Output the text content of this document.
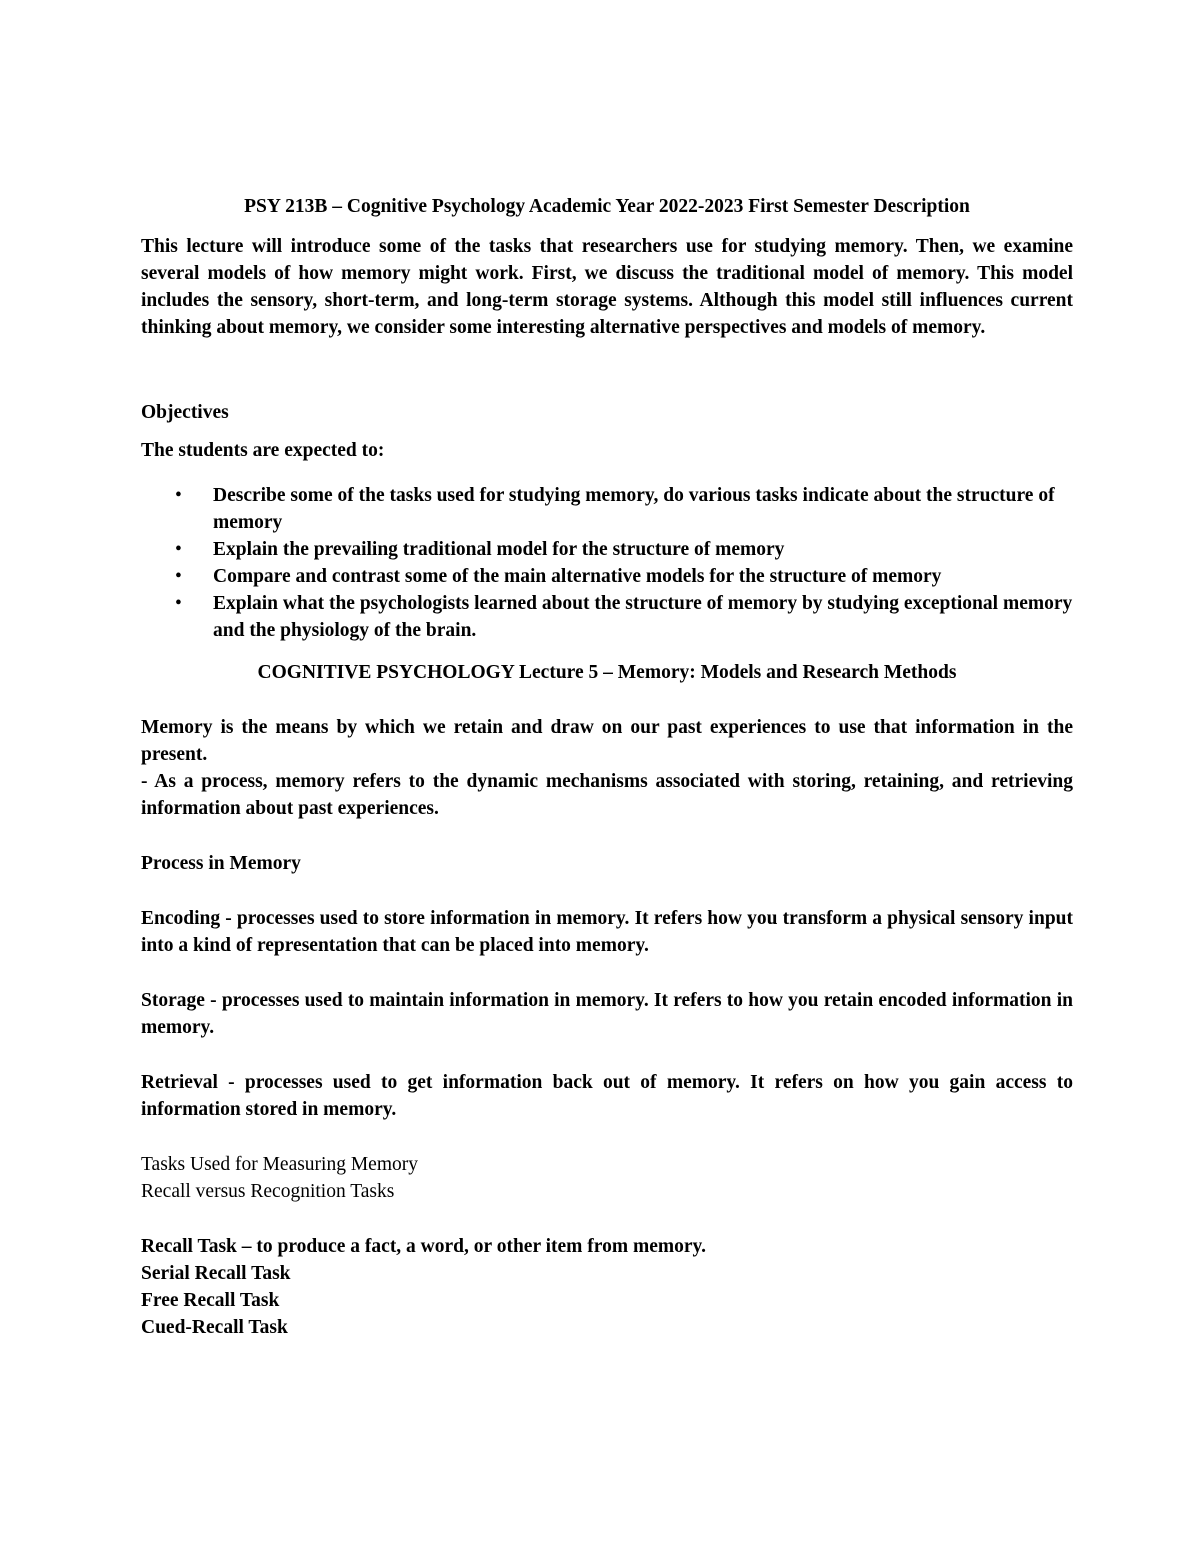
PSY 213B – Cognitive Psychology Academic Year 2022-2023 First Semester Description

This lecture will introduce some of the tasks that researchers use for studying memory. Then, we examine several models of how memory might work. First, we discuss the traditional model of memory. This model includes the sensory, short-term, and long-term storage systems. Although this model still influences current thinking about memory, we consider some interesting alternative perspectives and models of memory.

Objectives

The students are expected to:

• Describe some of the tasks used for studying memory, do various tasks indicate about the structure of memory
• Explain the prevailing traditional model for the structure of memory
• Compare and contrast some of the main alternative models for the structure of memory
• Explain what the psychologists learned about the structure of memory by studying exceptional memory and the physiology of the brain.

COGNITIVE PSYCHOLOGY Lecture 5 – Memory: Models and Research Methods

Memory is the means by which we retain and draw on our past experiences to use that information in the present.

- As a process, memory refers to the dynamic mechanisms associated with storing, retaining, and retrieving information about past experiences.

Process in Memory

Encoding - processes used to store information in memory. It refers how you transform a physical sensory input into a kind of representation that can be placed into memory.

Storage - processes used to maintain information in memory. It refers to how you retain encoded information in memory.

Retrieval - processes used to get information back out of memory. It refers on how you gain access to information stored in memory.

Tasks Used for Measuring Memory

Recall versus Recognition Tasks

Recall Task – to produce a fact, a word, or other item from memory.

Serial Recall Task

Free Recall Task

Cued-Recall Task
